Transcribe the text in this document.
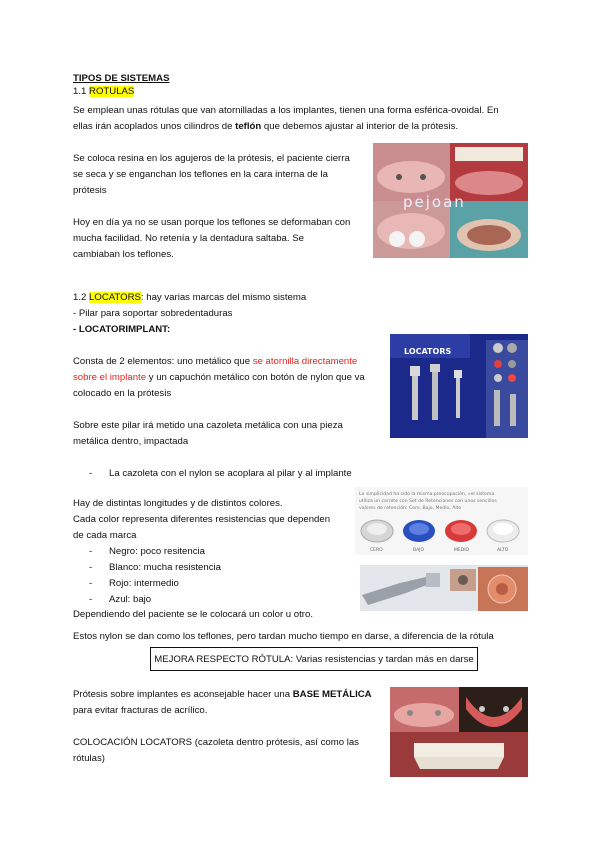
TIPOS DE SISTEMAS
1.1 ROTULAS
Se emplean unas rótulas que van atornilladas a los implantes, tienen una forma esférica-ovoidal. En
ellas irán acoplados unos cilindros de teflón que debemos ajustar al interior de la prótesis.
Se coloca resina en los agujeros de la prótesis, el paciente cierra
se seca y se enganchan los teflones en la cara interna de la
prótesis
Hoy en día ya no se usan porque los teflones se deformaban con
mucha facilidad. No retenía y la dentadura saltaba. Se
cambiaban los teflones.
pejoan
1.2 LOCATORS: hay varias marcas del mismo sistema
- Pilar para soportar sobredentaduras
- LOCATORIMPLANT:
Consta de 2 elementos: uno metálico que se atornilla directamente
sobre el implante y un capuchón metálico con botón de nylon que va
colocado en la prótesis
Sobre este pilar irá metido una cazoleta metálica con una pieza
metálica dentro, impactada
- La cazoleta con el nylon se acoplara al pilar y al implante
Hay de distintas longitudes y de distintos colores.
Cada color representa diferentes resistencias que dependen
de cada marca
- Negro: poco resitencia
- Blanco: mucha resistencia
- Rojo: intermedio
- Azul: bajo
Dependiendo del paciente se le colocará un color u otro.
Estos nylon se dan como los teflones, pero tardan mucho tiempo en darse, a diferencia de la rótula
MEJORA RESPECTO RÓTULA: Varias resistencias y tardan más en darse
Prótesis sobre implantes es aconsejable hacer una BASE METÁLICA
para evitar fracturas de acrílico.
COLOCACIÓN LOCATORS (cazoleta dentro prótesis, así como las
rótulas)
LOCATORS
La simplicidad ha sido la misma preocupación, »el sistema
utiliza un carrete con Set de Retenciones con unos sencillos
valores de retención: Cero, Bajo, Medio, Alto
CERO	BAJO	MEDIO	ALTO
